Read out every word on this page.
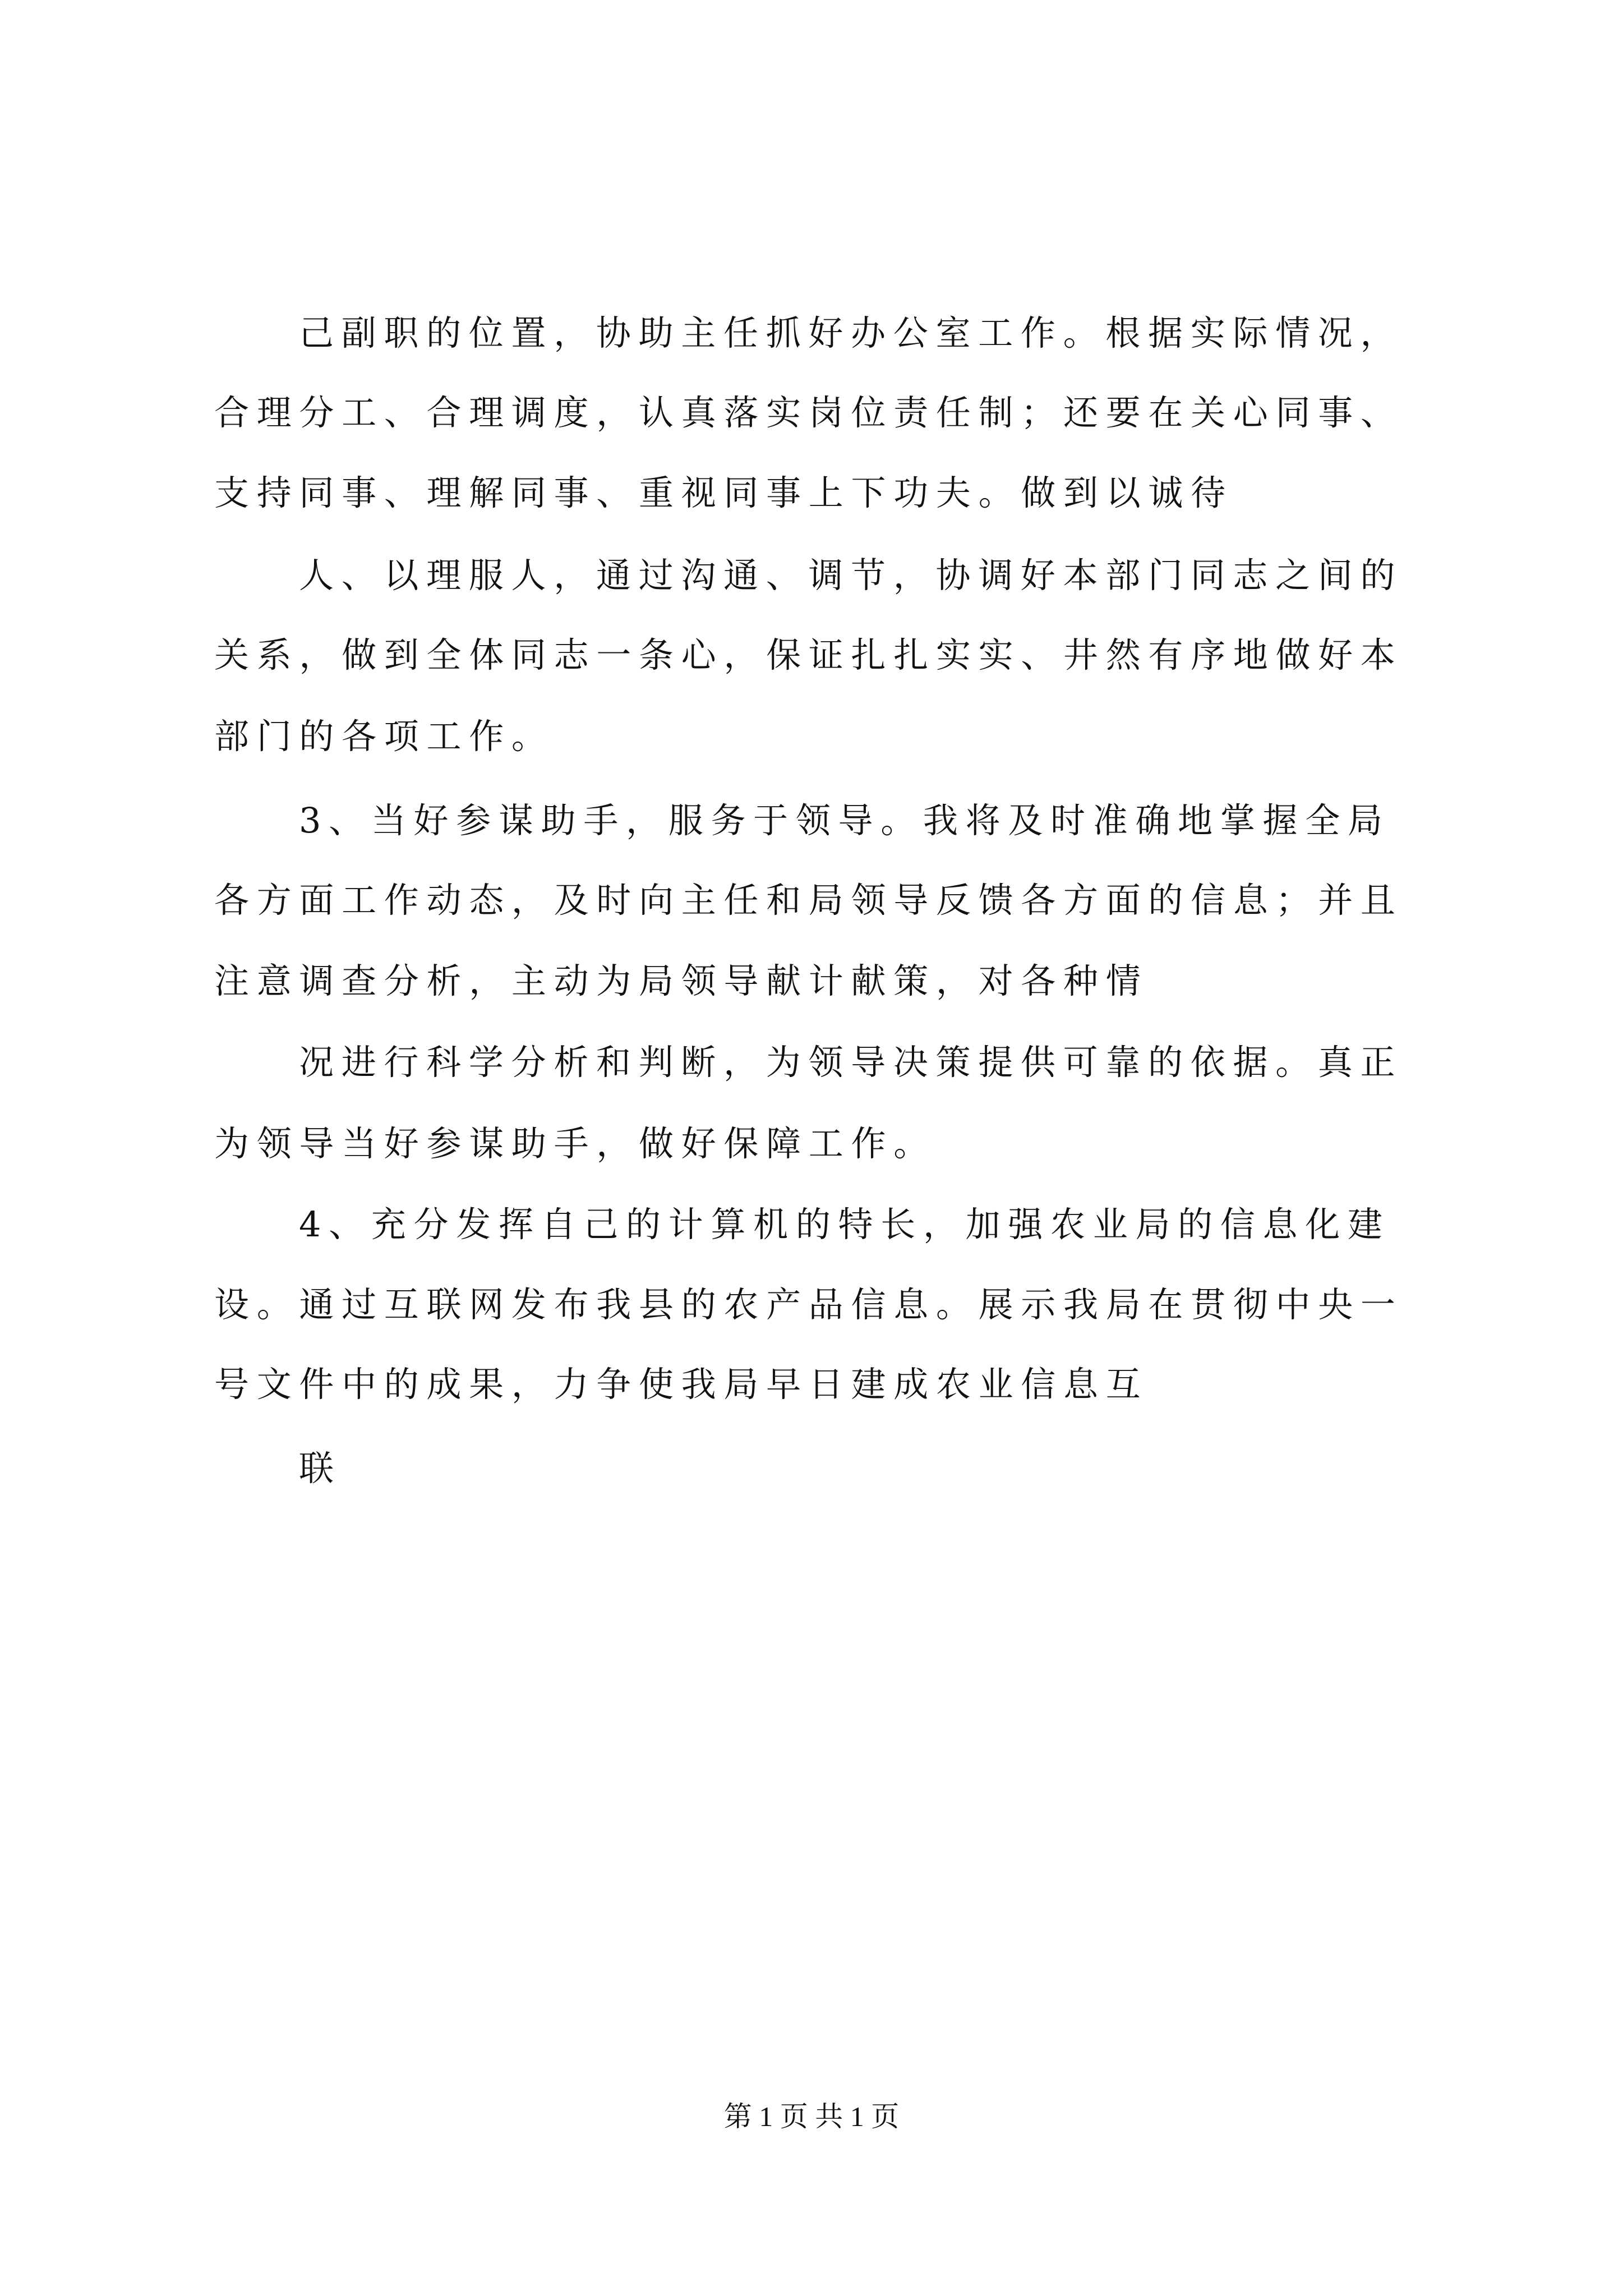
己副职的位置，协助主任抓好办公室工作。根据实际情况，
合理分工、合理调度，认真落实岗位责任制；还要在关心同事、
支持同事、理解同事、重视同事上下功夫。做到以诚待
人、以理服人，通过沟通、调节，协调好本部门同志之间的
关系，做到全体同志一条心，保证扎扎实实、井然有序地做好本
部门的各项工作。
3、当好参谋助手，服务于领导。我将及时准确地掌握全局
各方面工作动态，及时向主任和局领导反馈各方面的信息；并且
注意调查分析，主动为局领导献计献策，对各种情
况进行科学分析和判断，为领导决策提供可靠的依据。真正
为领导当好参谋助手，做好保障工作。
4、充分发挥自己的计算机的特长，加强农业局的信息化建
设。通过互联网发布我县的农产品信息。展示我局在贯彻中央一
号文件中的成果，力争使我局早日建成农业信息互
联
第 1 页 共 1 页
